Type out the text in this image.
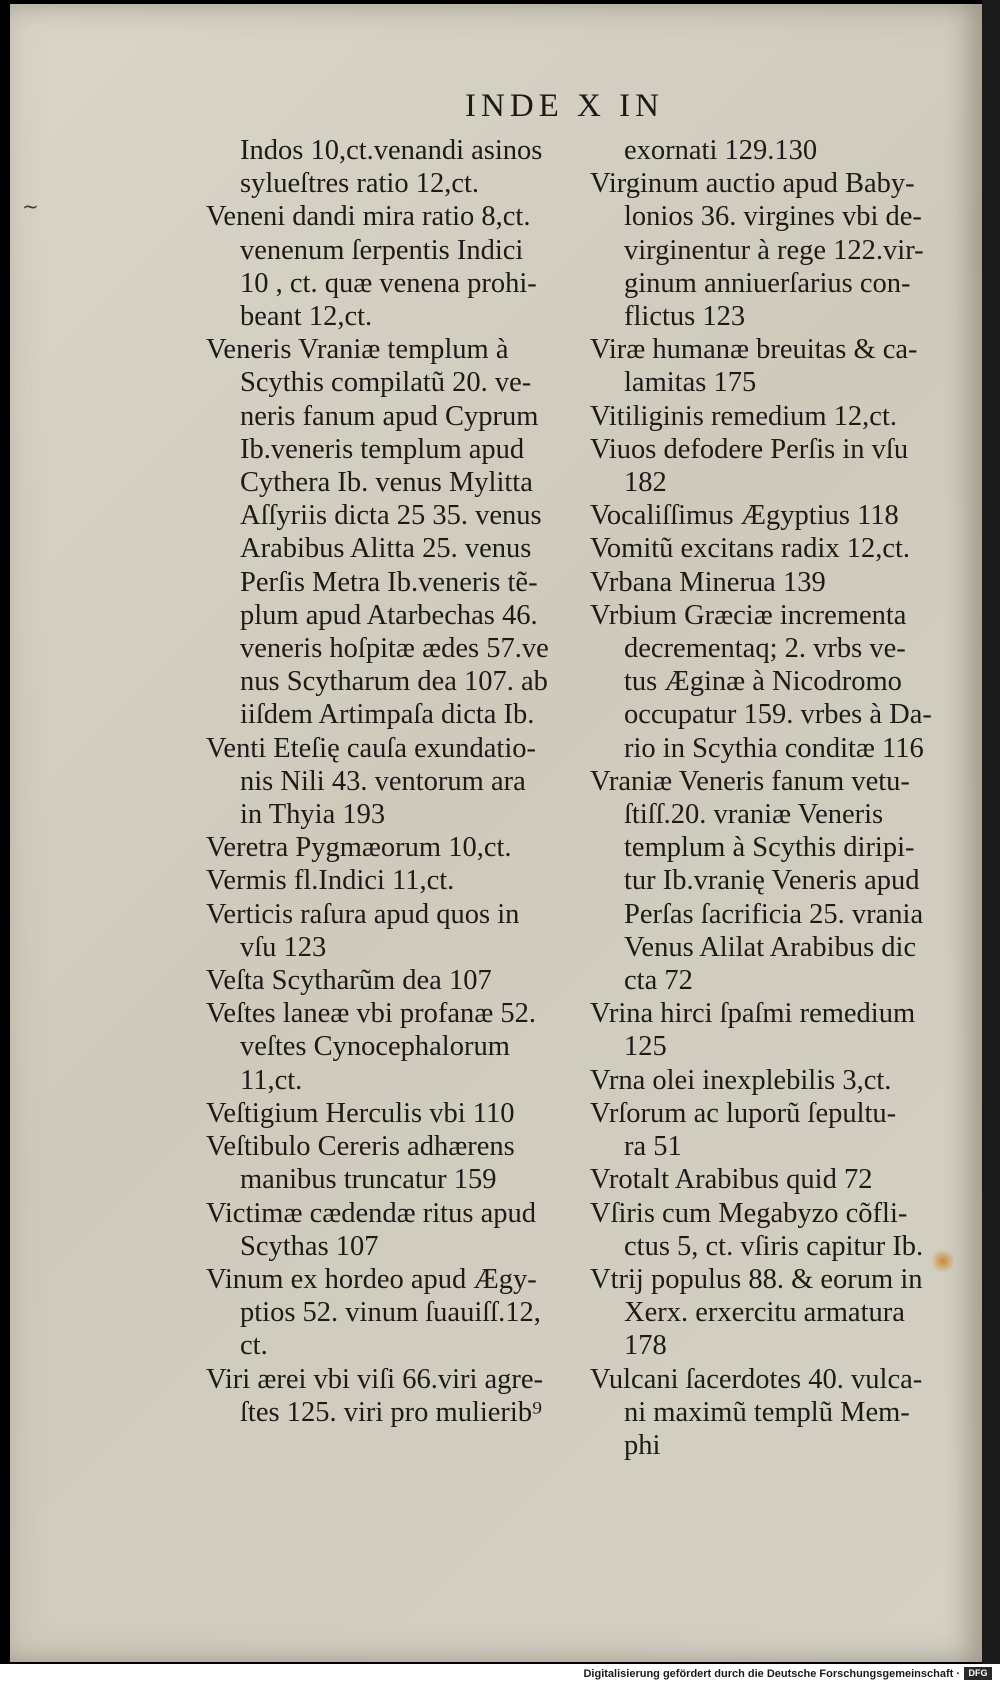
INDE X IN
Indos 10,ct.venandi asinos
sylueſtres ratio 12,ct.
Veneni dandi mira ratio 8,ct.
venenum ſerpentis Indici
10 , ct. quæ venena prohi-
beant 12,ct.
Veneris Vraniæ templum à
Scythis compilatũ 20. ve-
neris fanum apud Cyprum
Ib.veneris templum apud
Cythera Ib. venus Mylitta
Aſſyriis dicta 25 35. venus
Arabibus Alitta 25. venus
Perſis Metra Ib.veneris tẽ-
plum apud Atarbechas 46.
veneris hoſpitæ ædes 57.ve
nus Scytharum dea 107. ab
iiſdem Artimpaſa dicta Ib.
Venti Eteſię cauſa exundatio-
nis Nili 43. ventorum ara
in Thyia 193
Veretra Pygmæorum 10,ct.
Vermis fl.Indici 11,ct.
Verticis raſura apud quos in
vſu 123
Veſta Scytharũm dea 107
Veſtes laneæ vbi profanæ 52.
veſtes Cynocephalorum
11,ct.
Veſtigium Herculis vbi 110
Veſtibulo Cereris adhærens
manibus truncatur 159
Victimæ cædendæ ritus apud
Scythas 107
Vinum ex hordeo apud Ægy-
ptios 52. vinum ſuauiſſ.12,
ct.
Viri ærei vbi viſi 66.viri agre-
ſtes 125. viri pro mulierib⁹
exornati 129.130
Virginum auctio apud Baby-
lonios 36. virgines vbi de-
virginentur à rege 122.vir-
ginum anniuerſarius con-
flictus 123
Viræ humanæ breuitas & ca-
lamitas 175
Vitiliginis remedium 12,ct.
Viuos defodere Perſis in vſu
182
Vocaliſſimus Ægyptius 118
Vomitũ excitans radix 12,ct.
Vrbana Minerua 139
Vrbium Græciæ incrementa
decrementaq; 2. vrbs ve-
tus Æginæ à Nicodromo
occupatur 159. vrbes à Da-
rio in Scythia conditæ 116
Vraniæ Veneris fanum vetu-
ſtiſſ.20. vraniæ Veneris
templum à Scythis diripi-
tur Ib.vranię Veneris apud
Perſas ſacrificia 25. vrania
Venus Alilat Arabibus dic
cta 72
Vrina hirci ſpaſmi remedium
125
Vrna olei inexplebilis 3,ct.
Vrſorum ac luporũ ſepultu-
ra 51
Vrotalt Arabibus quid 72
Vſiris cum Megabyzo cõfli-
ctus 5, ct. vſiris capitur Ib.
Vtrij populus 88. & eorum in
Xerx. erxercitu armatura
178
Vulcani ſacerdotes 40. vulca-
ni maximũ templũ Mem-
phi
~
Digitalisierung gefördert durch die Deutsche Forschungsgemeinschaft · DFG
